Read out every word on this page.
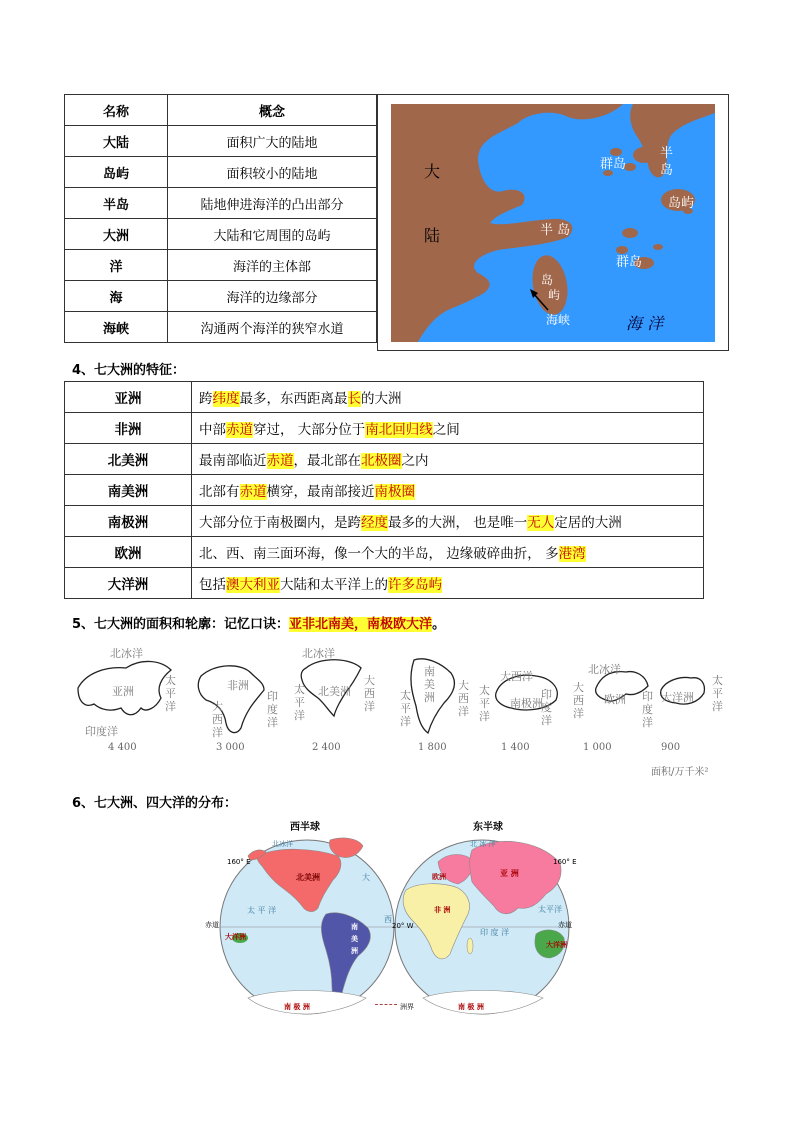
名称	概念
大陆	面积广大的陆地
岛屿	面积较小的陆地
半岛	陆地伸进海洋的凸出部分
大洲	大陆和它周围的岛屿
洋	海洋的主体部
海	海洋的边缘部分
海峡	沟通两个海洋的狭窄水道
大
陆
群岛
半
岛
岛屿
半 岛
群岛
岛
屿
海峡	海 洋
4、七大洲的特征：
亚洲	跨纬度最多，东西距离最长的大洲
非洲	中部赤道穿过， 大部分位于南北回归线之间
北美洲	最南部临近赤道，最北部在北极圈之内
南美洲	北部有赤道横穿，最南部接近南极圈
南极洲	大部分位于南极圈内，是跨经度最多的大洲， 也是唯一无人定居的大洲
欧洲	北、西、南三面环海，像一个大的半岛， 边缘破碎曲折， 多港湾
大洋洲	包括澳大利亚大陆和太平洋上的许多岛屿
5、七大洲的面积和轮廓：记忆口诀：亚非北南美，南极欧大洋。
北冰洋
亚洲
太平洋
印度洋
非洲
大西洋
印度洋
北冰洋
北美洲
太平洋
大西洋
南美洲
太平洋
大西洋
大西洋
南极洲
太平洋
印度洋
北冰洋
欧洲
大西洋
大洋洲
印度洋
太平洋
4 400	3 000	2 400	1 800	1 400	1 000	900
面积/万千米²
6、七大洲、四大洋的分布：
西半球	东半球
160° E	160° E
赤道	赤道
20° W
洲界
北美洲
南
美
洲
大洋洲
南 极 洲	南 极 洲
欧洲	亚 洲
非 洲
大洋洲
太 平 洋
大
西
印 度 洋
太平洋
北冰洋	北 冰 洋
